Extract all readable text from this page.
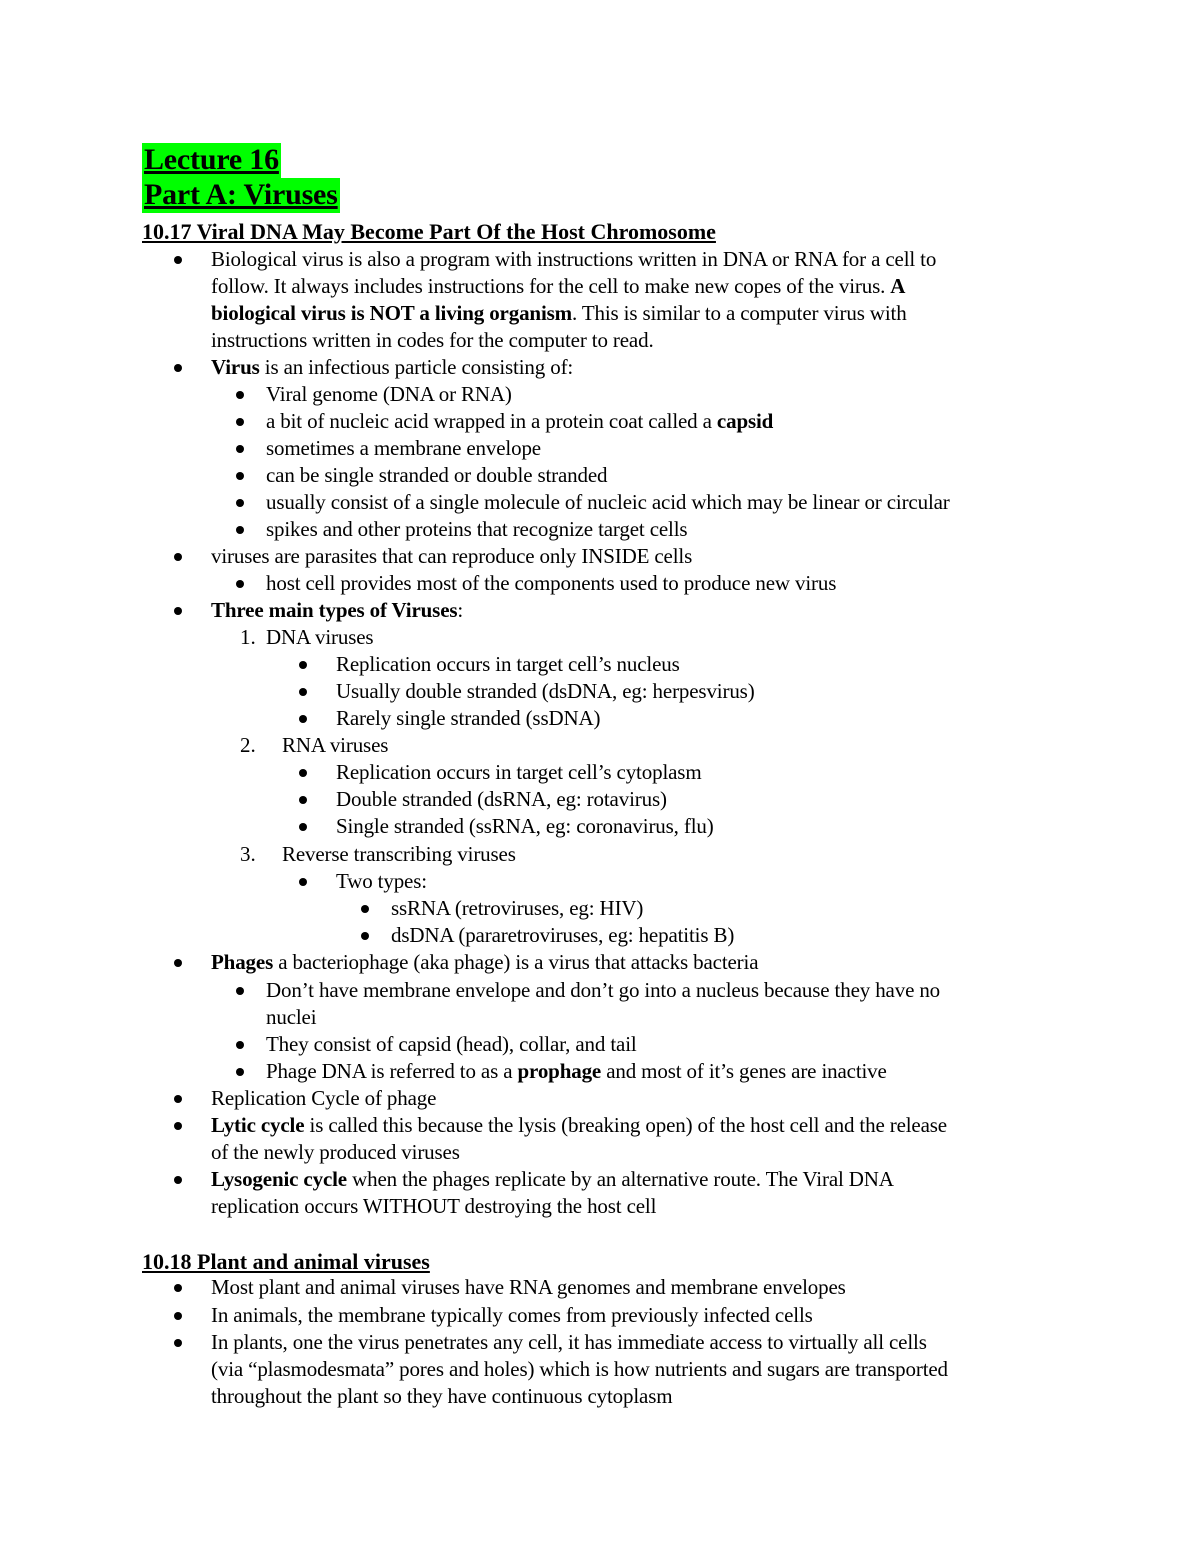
Lecture 16
Part A: Viruses
10.17 Viral DNA May Become Part Of the Host Chromosome
Biological virus is also a program with instructions written in DNA or RNA for a cell to
follow. It always includes instructions for the cell to make new copes of the virus. A
biological virus is NOT a living organism. This is similar to a computer virus with
instructions written in codes for the computer to read.
Virus is an infectious particle consisting of:
Viral genome (DNA or RNA)
a bit of nucleic acid wrapped in a protein coat called a capsid
sometimes a membrane envelope
can be single stranded or double stranded
usually consist of a single molecule of nucleic acid which may be linear or circular
spikes and other proteins that recognize target cells
viruses are parasites that can reproduce only INSIDE cells
host cell provides most of the components used to produce new virus
Three main types of Viruses:
1. DNA viruses
Replication occurs in target cell’s nucleus
Usually double stranded (dsDNA, eg: herpesvirus)
Rarely single stranded (ssDNA)
2. RNA viruses
Replication occurs in target cell’s cytoplasm
Double stranded (dsRNA, eg: rotavirus)
Single stranded (ssRNA, eg: coronavirus, flu)
3. Reverse transcribing viruses
Two types:
ssRNA (retroviruses, eg: HIV)
dsDNA (pararetroviruses, eg: hepatitis B)
Phages a bacteriophage (aka phage) is a virus that attacks bacteria
Don’t have membrane envelope and don’t go into a nucleus because they have no
nuclei
They consist of capsid (head), collar, and tail
Phage DNA is referred to as a prophage and most of it’s genes are inactive
Replication Cycle of phage
Lytic cycle is called this because the lysis (breaking open) of the host cell and the release
of the newly produced viruses
Lysogenic cycle when the phages replicate by an alternative route. The Viral DNA
replication occurs WITHOUT destroying the host cell
10.18 Plant and animal viruses
Most plant and animal viruses have RNA genomes and membrane envelopes
In animals, the membrane typically comes from previously infected cells
In plants, one the virus penetrates any cell, it has immediate access to virtually all cells
(via “plasmodesmata” pores and holes) which is how nutrients and sugars are transported
throughout the plant so they have continuous cytoplasm
